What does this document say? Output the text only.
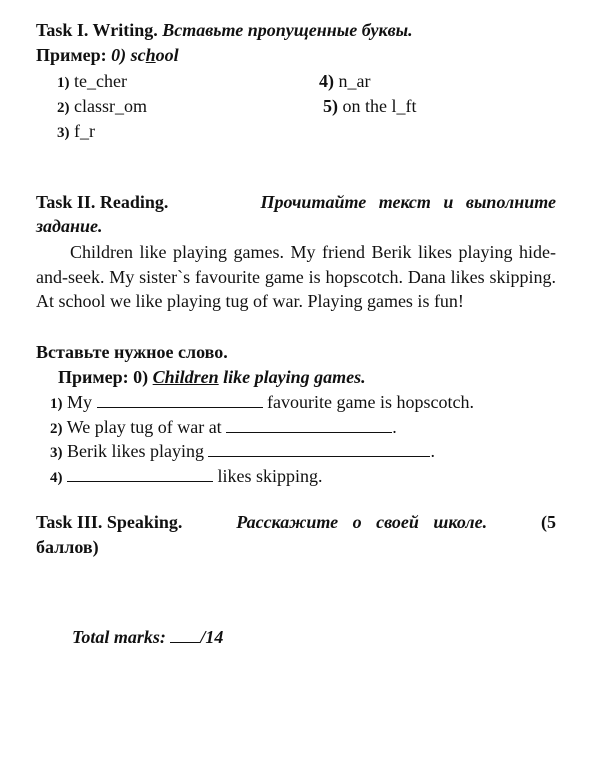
Task I. Writing. Вставьте пропущенные буквы.
Пример: 0) school
1) te_cher
2) classr_om
3) f_r
4) n_ar
5) on the l_ft
Task II. Reading.	Прочитайте текст и выполните
задание.
Children like playing games. My friend Berik likes playing hide-and-seek. My sister`s favourite game is hopscotch. Dana likes skipping. At school we like playing tug of war. Playing games is fun!
Вставьте нужное слово.
Пример: 0) Children like playing games.
1) My	favourite game is hopscotch.
2) We play tug of war at	.
3) Berik likes playing	.
4)	likes skipping.
Task III. Speaking.	Расскажите о своей школе.	(5
баллов)
Total marks: /14
